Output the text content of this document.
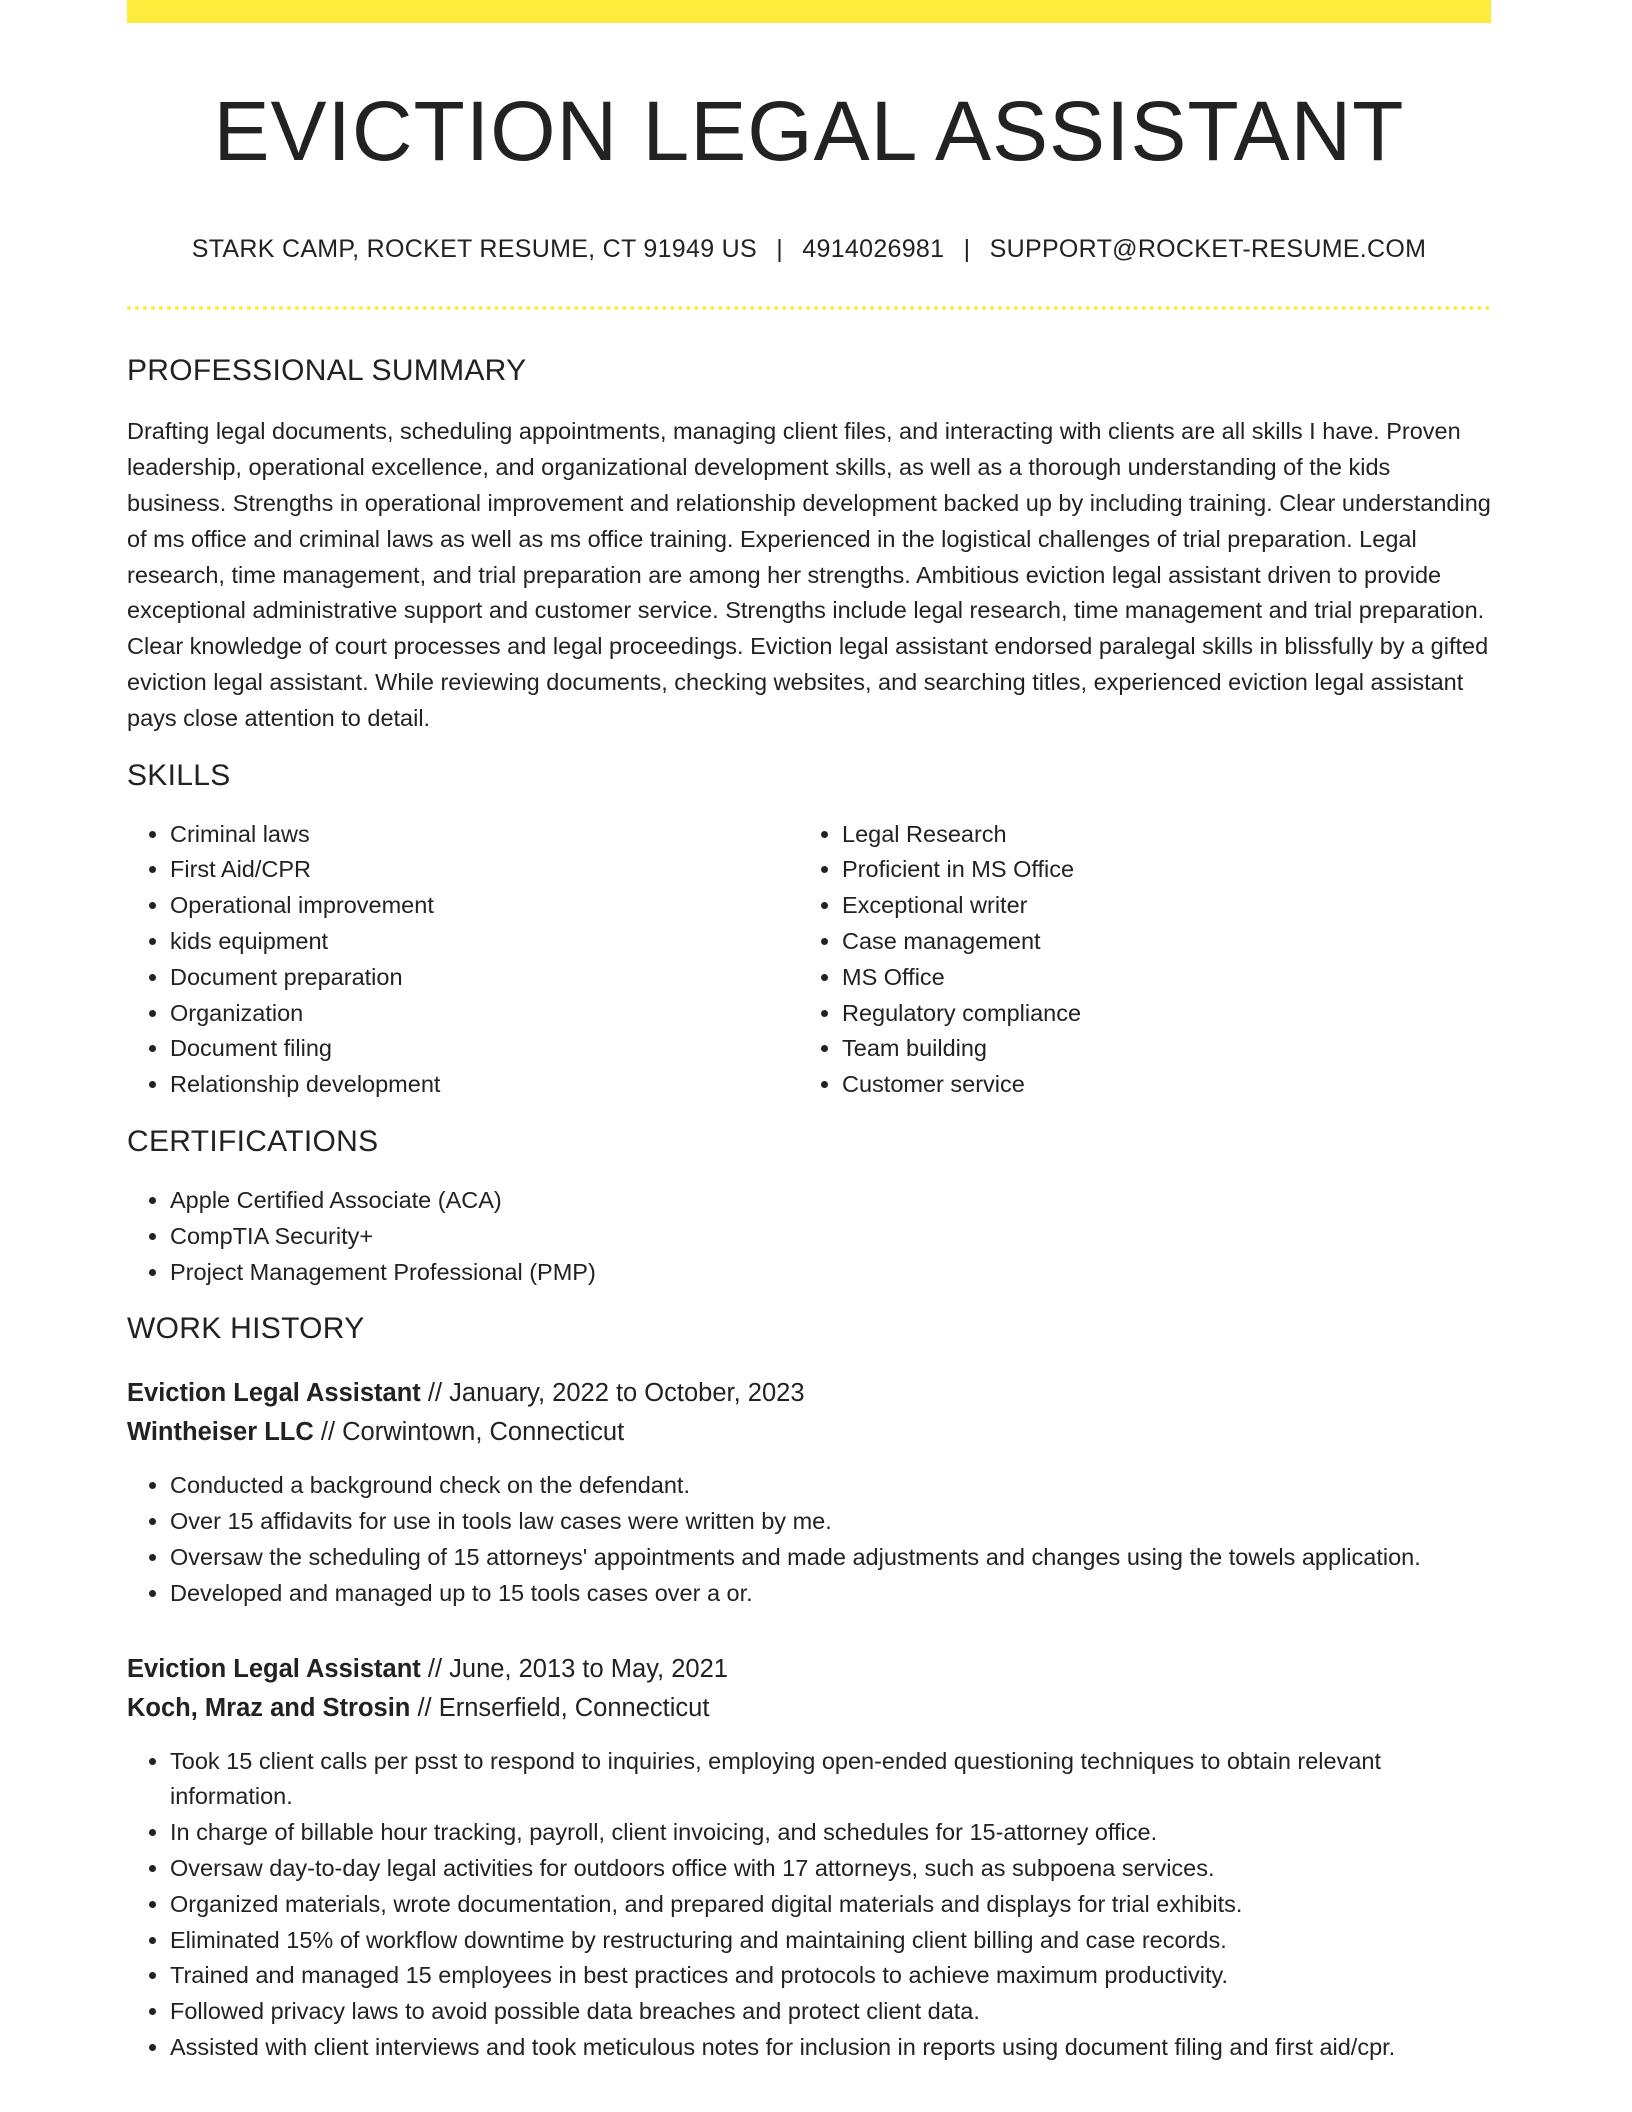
EVICTION LEGAL ASSISTANT
STARK CAMP, ROCKET RESUME, CT 91949 US | 4914026981 | SUPPORT@ROCKET-RESUME.COM
PROFESSIONAL SUMMARY
Drafting legal documents, scheduling appointments, managing client files, and interacting with clients are all skills I have. Proven leadership, operational excellence, and organizational development skills, as well as a thorough understanding of the kids business. Strengths in operational improvement and relationship development backed up by including training. Clear understanding of ms office and criminal laws as well as ms office training. Experienced in the logistical challenges of trial preparation. Legal research, time management, and trial preparation are among her strengths. Ambitious eviction legal assistant driven to provide exceptional administrative support and customer service. Strengths include legal research, time management and trial preparation. Clear knowledge of court processes and legal proceedings. Eviction legal assistant endorsed paralegal skills in blissfully by a gifted eviction legal assistant. While reviewing documents, checking websites, and searching titles, experienced eviction legal assistant pays close attention to detail.
SKILLS
• Criminal laws
• First Aid/CPR
• Operational improvement
• kids equipment
• Document preparation
• Organization
• Document filing
• Relationship development
• Legal Research
• Proficient in MS Office
• Exceptional writer
• Case management
• MS Office
• Regulatory compliance
• Team building
• Customer service
CERTIFICATIONS
• Apple Certified Associate (ACA)
• CompTIA Security+
• Project Management Professional (PMP)
WORK HISTORY
Eviction Legal Assistant // January, 2022 to October, 2023
Wintheiser LLC // Corwintown, Connecticut
• Conducted a background check on the defendant.
• Over 15 affidavits for use in tools law cases were written by me.
• Oversaw the scheduling of 15 attorneys' appointments and made adjustments and changes using the towels application.
• Developed and managed up to 15 tools cases over a or.
Eviction Legal Assistant // June, 2013 to May, 2021
Koch, Mraz and Strosin // Ernserfield, Connecticut
• Took 15 client calls per psst to respond to inquiries, employing open-ended questioning techniques to obtain relevant information.
• In charge of billable hour tracking, payroll, client invoicing, and schedules for 15-attorney office.
• Oversaw day-to-day legal activities for outdoors office with 17 attorneys, such as subpoena services.
• Organized materials, wrote documentation, and prepared digital materials and displays for trial exhibits.
• Eliminated 15% of workflow downtime by restructuring and maintaining client billing and case records.
• Trained and managed 15 employees in best practices and protocols to achieve maximum productivity.
• Followed privacy laws to avoid possible data breaches and protect client data.
• Assisted with client interviews and took meticulous notes for inclusion in reports using document filing and first aid/cpr.
